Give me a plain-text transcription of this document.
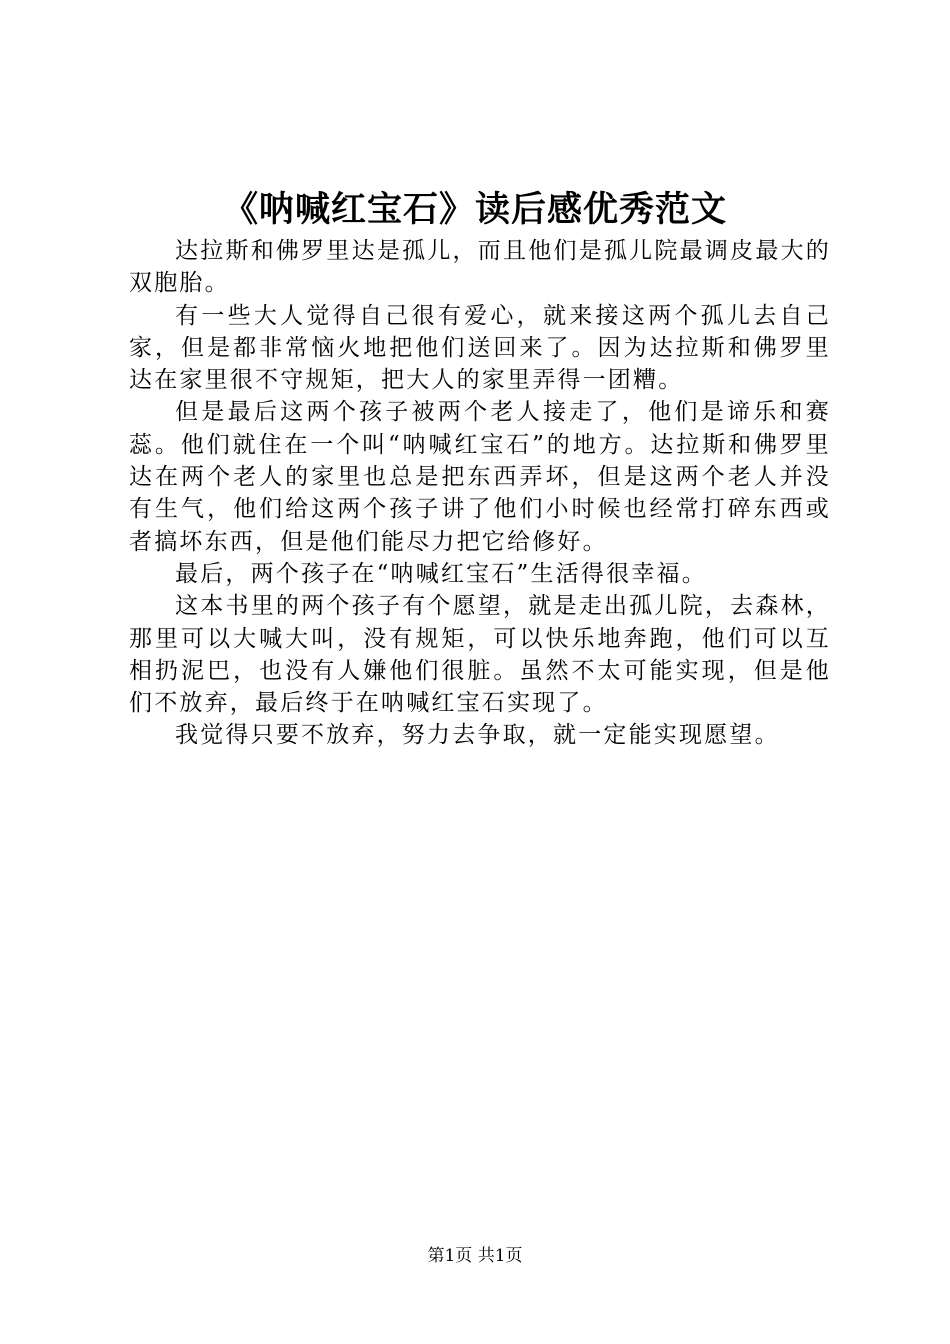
《呐喊红宝石》读后感优秀范文

达拉斯和佛罗里达是孤儿，而且他们是孤儿院最调皮最大的双胞胎。

有一些大人觉得自己很有爱心，就来接这两个孤儿去自己家，但是都非常恼火地把他们送回来了。因为达拉斯和佛罗里达在家里很不守规矩，把大人的家里弄得一团糟。

但是最后这两个孩子被两个老人接走了，他们是谛乐和赛蕊。他们就住在一个叫“呐喊红宝石”的地方。达拉斯和佛罗里达在两个老人的家里也总是把东西弄坏，但是这两个老人并没有生气，他们给这两个孩子讲了他们小时候也经常打碎东西或者搞坏东西，但是他们能尽力把它给修好。

最后，两个孩子在“呐喊红宝石”生活得很幸福。

这本书里的两个孩子有个愿望，就是走出孤儿院，去森林，那里可以大喊大叫，没有规矩，可以快乐地奔跑，他们可以互相扔泥巴，也没有人嫌他们很脏。虽然不太可能实现，但是他们不放弃，最后终于在呐喊红宝石实现了。

我觉得只要不放弃，努力去争取，就一定能实现愿望。

第1页 共1页
